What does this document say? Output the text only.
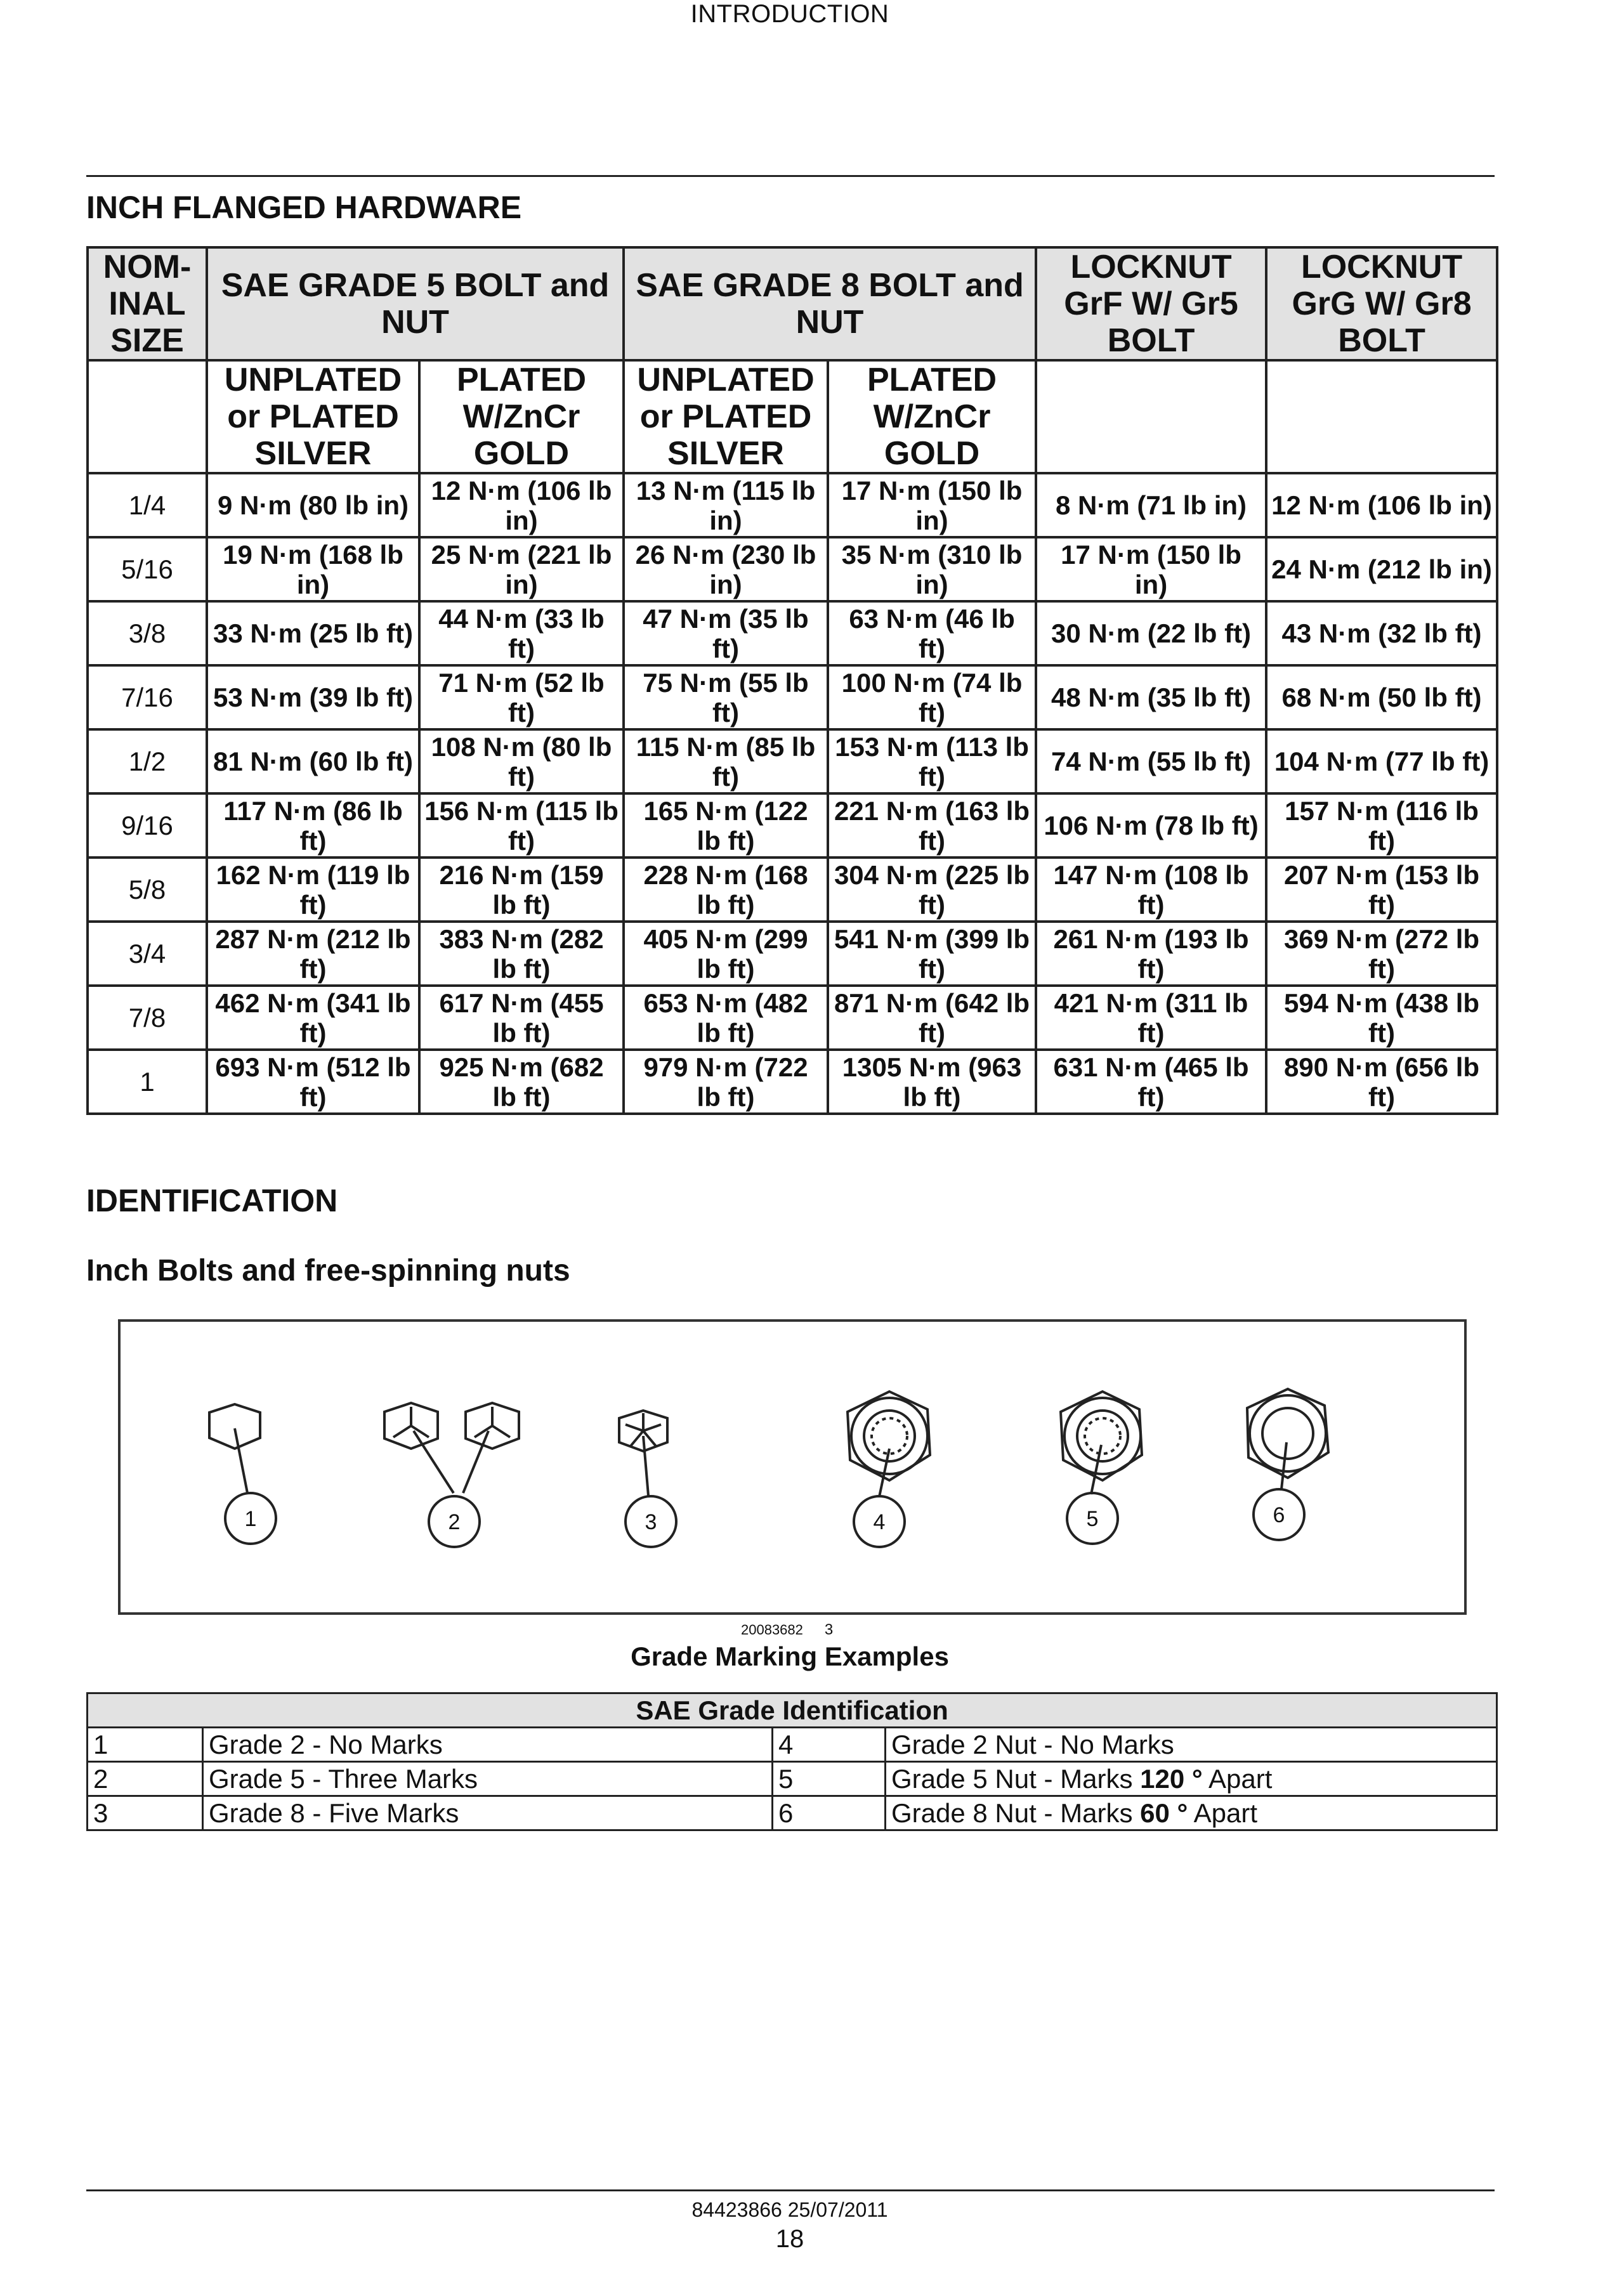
INTRODUCTION
INCH FLANGED HARDWARE
NOM-INAL SIZE	SAE GRADE 5 BOLT and NUT		SAE GRADE 8 BOLT and NUT		LOCKNUT GrF W/ Gr5 BOLT	LOCKNUT GrG W/ Gr8 BOLT
	UNPLATED or PLATED SILVER	PLATED W/ZnCr GOLD	UNPLATED or PLATED SILVER	PLATED W/ZnCr GOLD		
1/4	9 N·m (80 lb in)	12 N·m (106 lb in)	13 N·m (115 lb in)	17 N·m (150 lb in)	8 N·m (71 lb in)	12 N·m (106 lb in)
5/16	19 N·m (168 lb in)	25 N·m (221 lb in)	26 N·m (230 lb in)	35 N·m (310 lb in)	17 N·m (150 lb in)	24 N·m (212 lb in)
3/8	33 N·m (25 lb ft)	44 N·m (33 lb ft)	47 N·m (35 lb ft)	63 N·m (46 lb ft)	30 N·m (22 lb ft)	43 N·m (32 lb ft)
7/16	53 N·m (39 lb ft)	71 N·m (52 lb ft)	75 N·m (55 lb ft)	100 N·m (74 lb ft)	48 N·m (35 lb ft)	68 N·m (50 lb ft)
1/2	81 N·m (60 lb ft)	108 N·m (80 lb ft)	115 N·m (85 lb ft)	153 N·m (113 lb ft)	74 N·m (55 lb ft)	104 N·m (77 lb ft)
9/16	117 N·m (86 lb ft)	156 N·m (115 lb ft)	165 N·m (122 lb ft)	221 N·m (163 lb ft)	106 N·m (78 lb ft)	157 N·m (116 lb ft)
5/8	162 N·m (119 lb ft)	216 N·m (159 lb ft)	228 N·m (168 lb ft)	304 N·m (225 lb ft)	147 N·m (108 lb ft)	207 N·m (153 lb ft)
3/4	287 N·m (212 lb ft)	383 N·m (282 lb ft)	405 N·m (299 lb ft)	541 N·m (399 lb ft)	261 N·m (193 lb ft)	369 N·m (272 lb ft)
7/8	462 N·m (341 lb ft)	617 N·m (455 lb ft)	653 N·m (482 lb ft)	871 N·m (642 lb ft)	421 N·m (311 lb ft)	594 N·m (438 lb ft)
1	693 N·m (512 lb ft)	925 N·m (682 lb ft)	979 N·m (722 lb ft)	1305 N·m (963 lb ft)	631 N·m (465 lb ft)	890 N·m (656 lb ft)
IDENTIFICATION
Inch Bolts and free-spinning nuts
1	2	3	4	5	6
20083682 3
Grade Marking Examples
SAE Grade Identification			
1	Grade 2 - No Marks	4	Grade 2 Nut - No Marks
2	Grade 5 - Three Marks	5	Grade 5 Nut - Marks 120 ° Apart
3	Grade 8 - Five Marks	6	Grade 8 Nut - Marks 60 ° Apart
84423866 25/07/2011
18
